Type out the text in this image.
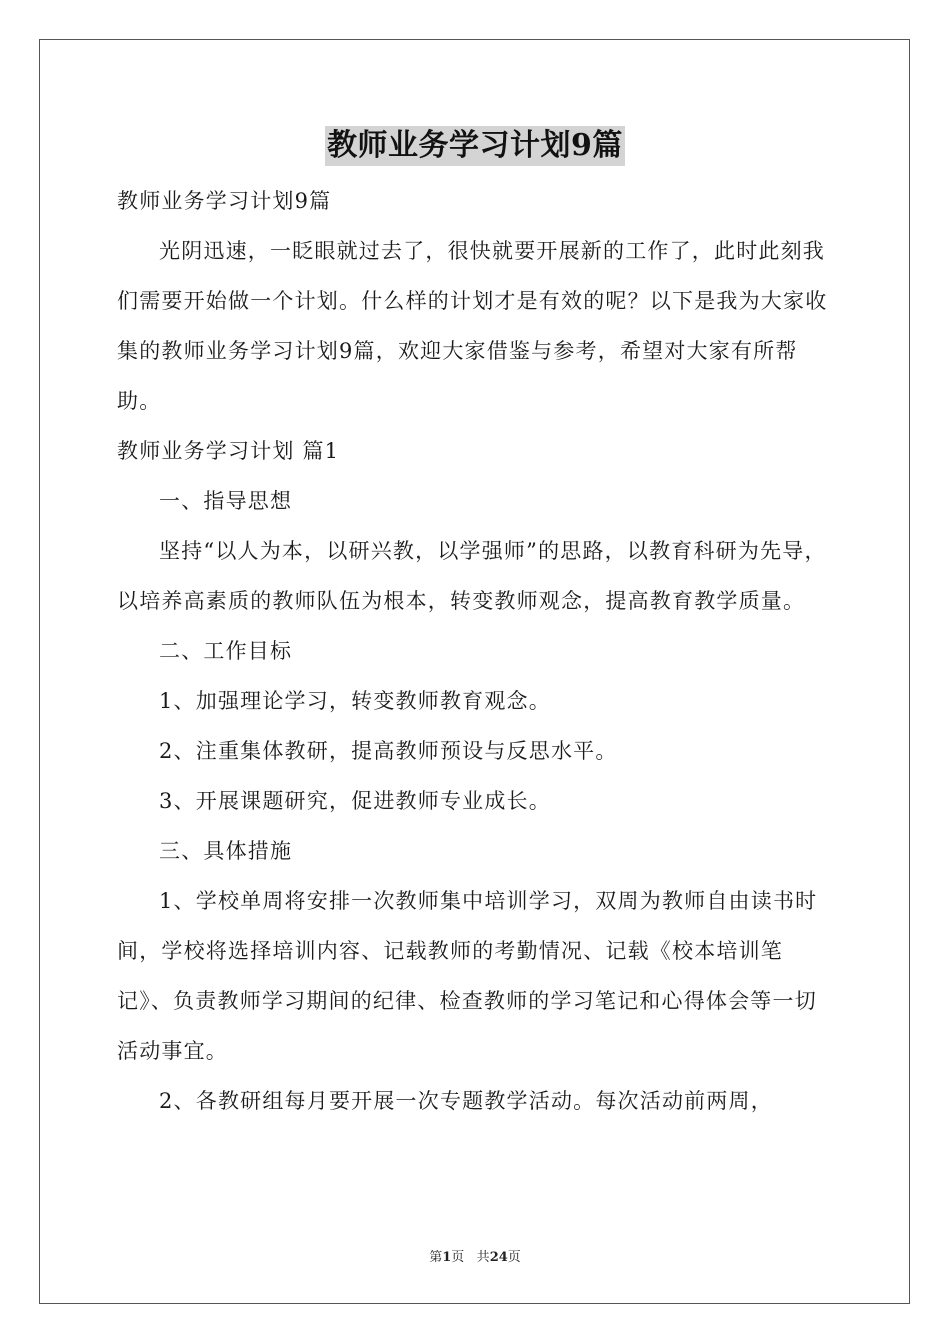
教师业务学习计划9篇

教师业务学习计划9篇

光阴迅速，一眨眼就过去了，很快就要开展新的工作了，此时此刻我们需要开始做一个计划。什么样的计划才是有效的呢？以下是我为大家收集的教师业务学习计划9篇，欢迎大家借鉴与参考，希望对大家有所帮助。

教师业务学习计划 篇1

一、指导思想

坚持“以人为本，以研兴教，以学强师”的思路，以教育科研为先导，以培养高素质的教师队伍为根本，转变教师观念，提高教育教学质量。

二、工作目标

1、加强理论学习，转变教师教育观念。

2、注重集体教研，提高教师预设与反思水平。

3、开展课题研究，促进教师专业成长。

三、具体措施

1、学校单周将安排一次教师集中培训学习，双周为教师自由读书时间，学校将选择培训内容、记载教师的考勤情况、记载《校本培训笔记》、负责教师学习期间的纪律、检查教师的学习笔记和心得体会等一切活动事宜。

2、各教研组每月要开展一次专题教学活动。每次活动前两周，

第1页 共24页
